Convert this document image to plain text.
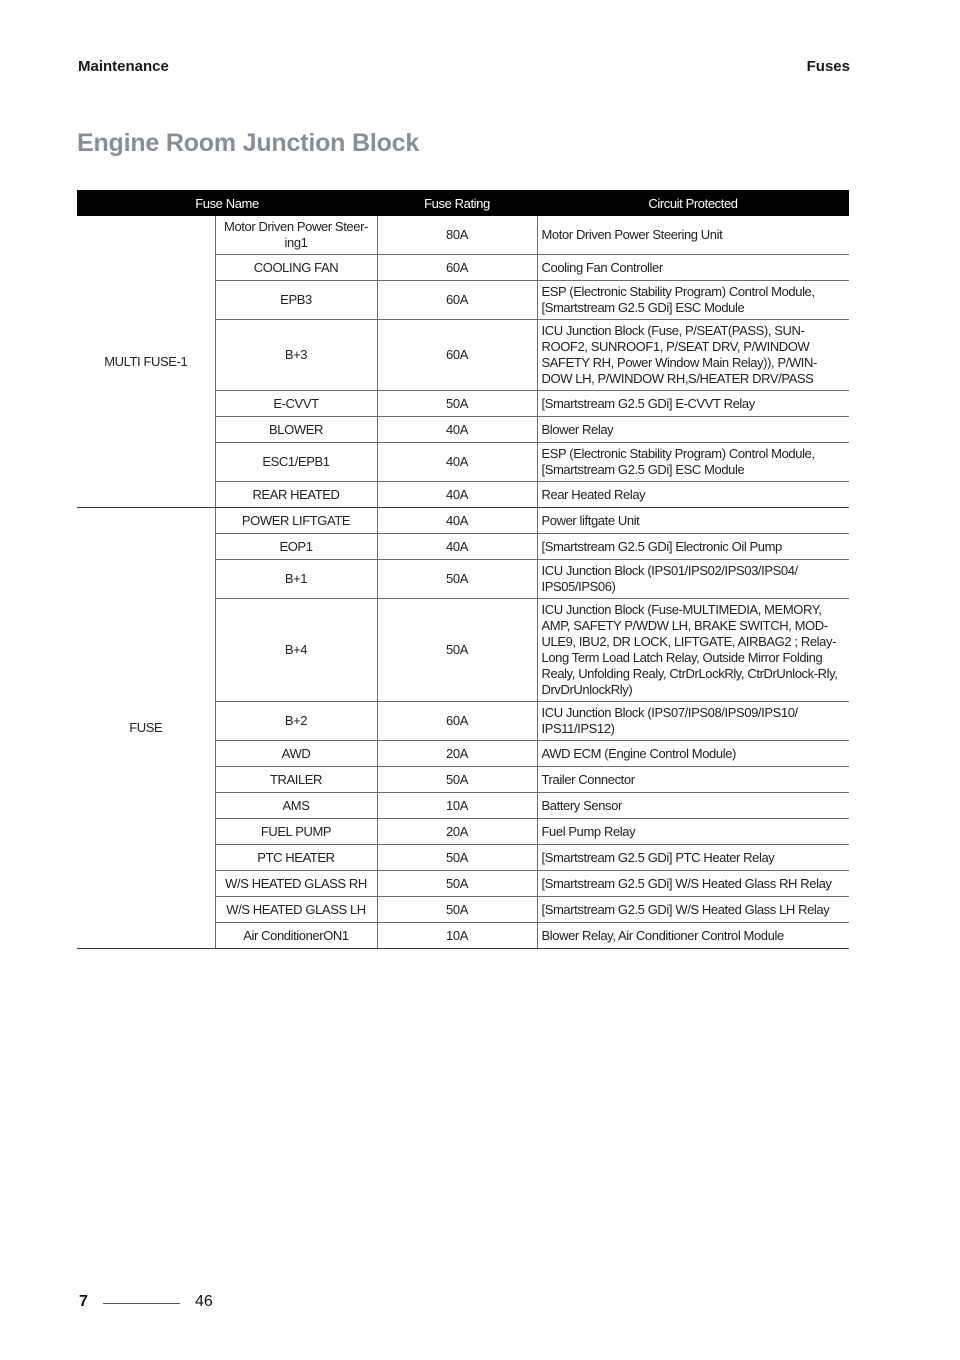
Maintenance	Fuses
Engine Room Junction Block
Fuse Name		Fuse Rating	Circuit Protected
MULTI FUSE-1	Motor Driven Power Steer-ing1	80A	Motor Driven Power Steering Unit
	COOLING FAN	60A	Cooling Fan Controller
	EPB3	60A	ESP (Electronic Stability Program) Control Module, [Smartstream G2.5 GDi] ESC Module
	B+3	60A	ICU Junction Block (Fuse, P/SEAT(PASS), SUN-ROOF2, SUNROOF1, P/SEAT DRV, P/WINDOW SAFETY RH, Power Window Main Relay)), P/WIN-DOW LH, P/WINDOW RH,S/HEATER DRV/PASS
	E-CVVT	50A	[Smartstream G2.5 GDi] E-CVVT Relay
	BLOWER	40A	Blower Relay
	ESC1/EPB1	40A	ESP (Electronic Stability Program) Control Module, [Smartstream G2.5 GDi] ESC Module
	REAR HEATED	40A	Rear Heated Relay
FUSE	POWER LIFTGATE	40A	Power liftgate Unit
	EOP1	40A	[Smartstream G2.5 GDi] Electronic Oil Pump
	B+1	50A	ICU Junction Block (IPS01/IPS02/IPS03/IPS04/ IPS05/IPS06)
	B+4	50A	ICU Junction Block (Fuse-MULTIMEDIA, MEMORY, AMP, SAFETY P/WDW LH, BRAKE SWITCH, MOD-ULE9, IBU2, DR LOCK, LIFTGATE, AIRBAG2 ; Relay-Long Term Load Latch Relay, Outside Mirror Folding Realy, Unfolding Realy, CtrDrLockRly, CtrDrUnlock-Rly, DrvDrUnlockRly)
	B+2	60A	ICU Junction Block (IPS07/IPS08/IPS09/IPS10/ IPS11/IPS12)
	AWD	20A	AWD ECM (Engine Control Module)
	TRAILER	50A	Trailer Connector
	AMS	10A	Battery Sensor
	FUEL PUMP	20A	Fuel Pump Relay
	PTC HEATER	50A	[Smartstream G2.5 GDi] PTC Heater Relay
	W/S HEATED GLASS RH	50A	[Smartstream G2.5 GDi] W/S Heated Glass RH Relay
	W/S HEATED GLASS LH	50A	[Smartstream G2.5 GDi] W/S Heated Glass LH Relay
	Air ConditionerON1	10A	Blower Relay, Air Conditioner Control Module
7	46
